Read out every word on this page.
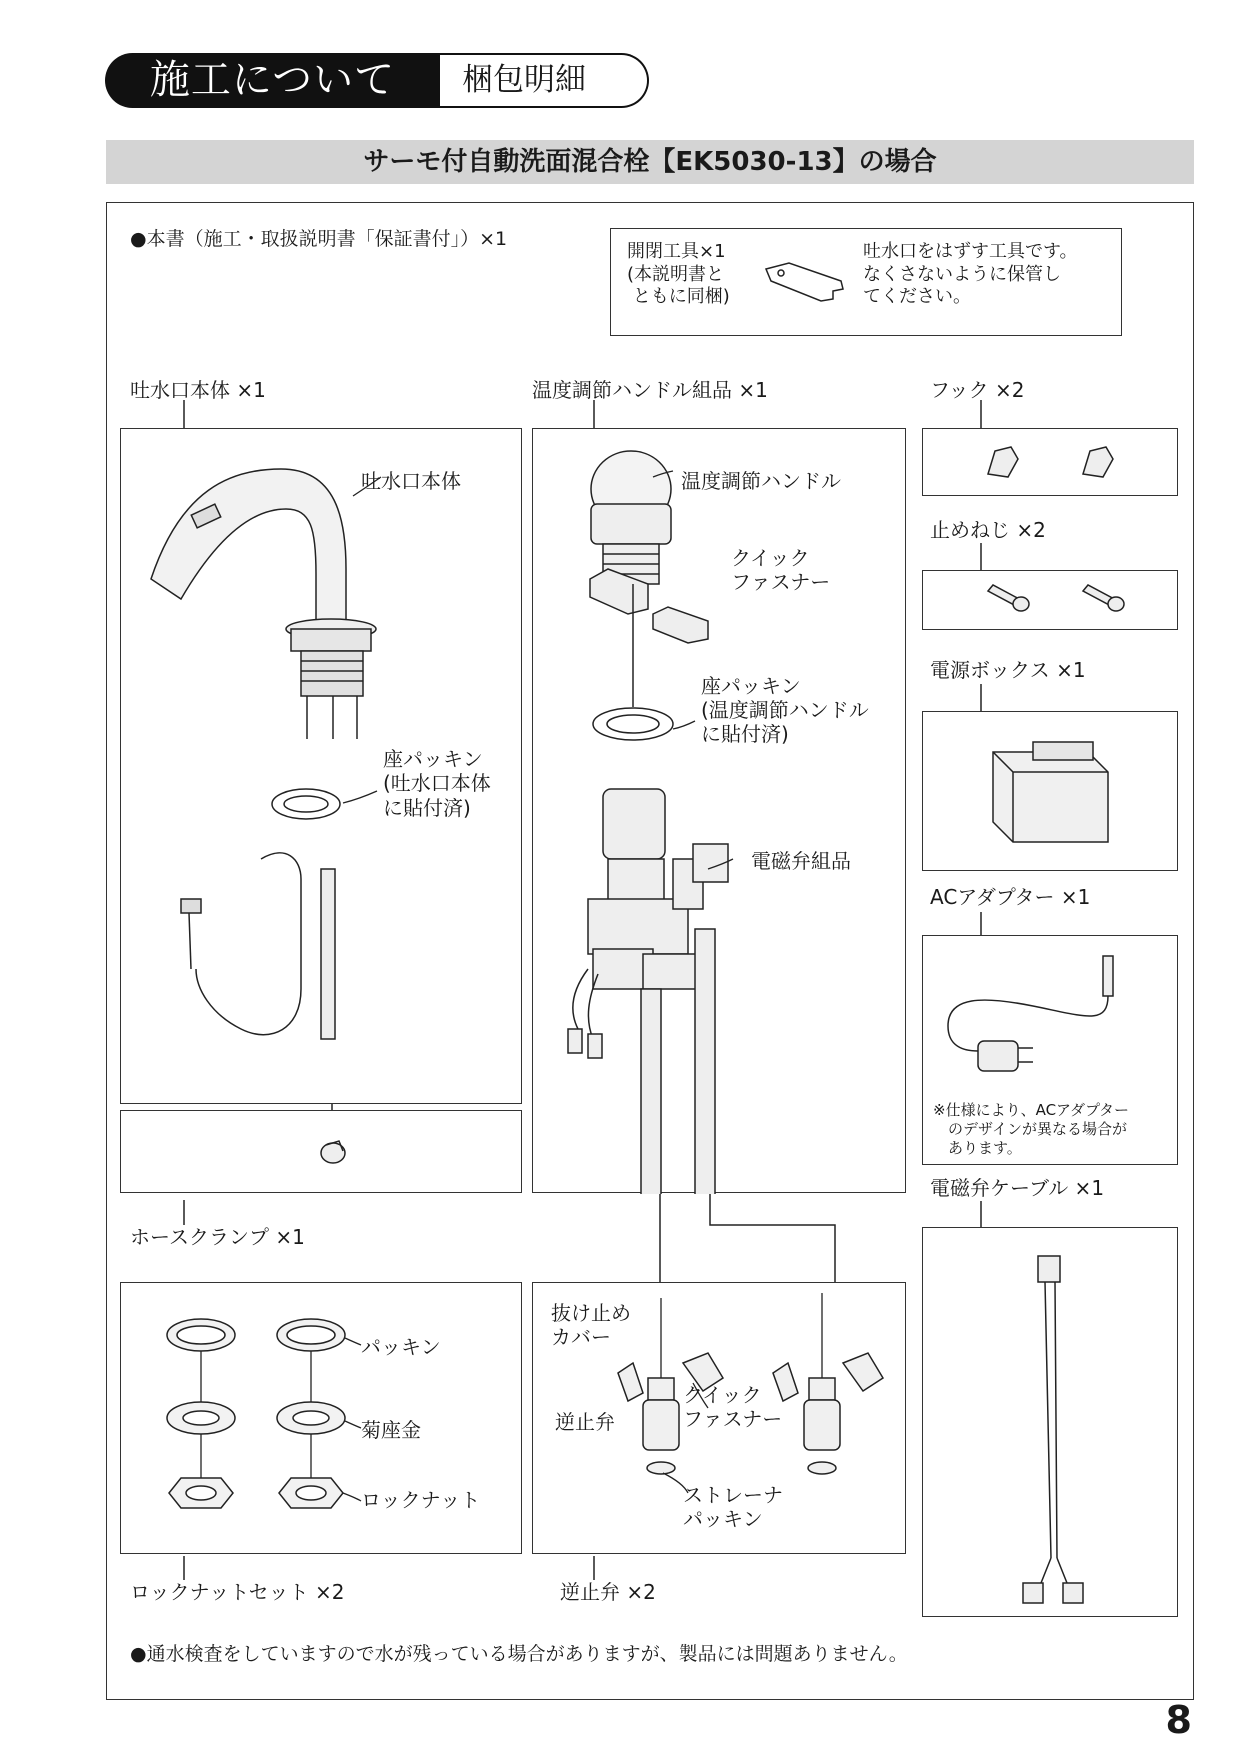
施工について	梱包明細
サーモ付自動洗面混合栓【EK5030-13】の場合
●本書（施工・取扱説明書「保証書付」）×1
開閉工具×1
(本説明書と
ともに同梱)
吐水口をはずす工具です。
なくさないように保管し
てください。
吐水口本体 ×1
吐水口本体
座パッキン
(吐水口本体
に貼付済)
ホースクランプ ×1
温度調節ハンドル組品 ×1
温度調節ハンドル
クイック
ファスナー
座パッキン
(温度調節ハンドル
に貼付済)
電磁弁組品
フック ×2
止めねじ ×2
電源ボックス ×1
ACアダプター ×1
※仕様により、ACアダプター
　のデザインが異なる場合が
　あります。
電磁弁ケーブル ×1
パッキン
菊座金
ロックナット
ロックナットセット ×2
抜け止め
カバー
逆止弁
クイック
ファスナー
ストレーナ
パッキン
逆止弁 ×2
●通水検査をしていますので水が残っている場合がありますが、製品には問題ありません。
8
